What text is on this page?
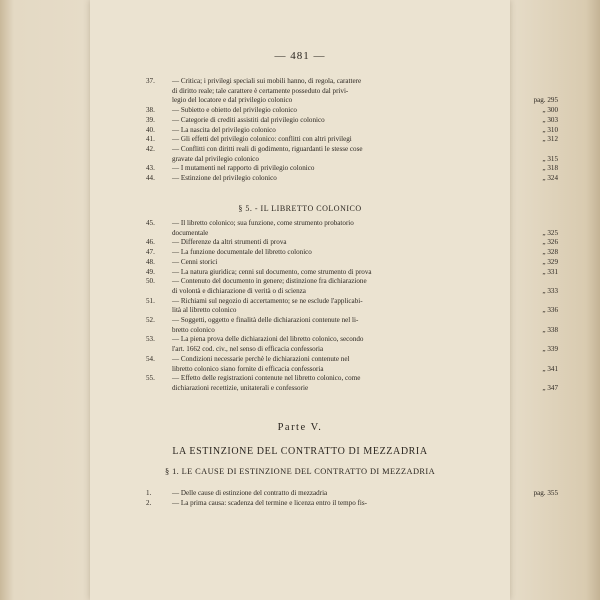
— 481 —
37.	— Critica; i privilegi speciali sui mobili hanno, di regola, carattere
di diritto reale; tale carattere è certamente posseduto dal privi-
legio del locatore e dal privilegio colonico	pag. 295
38.	— Subietto e obietto del privilegio colonico	„ 300
39.	— Categorie di crediti assistiti dal privilegio colonico	„ 303
40.	— La nascita del privilegio colonico	„ 310
41.	— Gli effetti del privilegio colonico: conflitti con altri privilegi	„ 312
42.	— Conflitti con diritti reali di godimento, riguardanti le stesse cose
gravate dal privilegio colonico	„ 315
43.	— I mutamenti nel rapporto di privilegio colonico	„ 318
44.	— Estinzione del privilegio colonico	„ 324
§ 5. - IL LIBRETTO COLONICO
45.	— Il libretto colonico; sua funzione, come strumento probatorio
documentale	„ 325
46.	— Differenze da altri strumenti di prova	„ 326
47.	— La funzione documentale del libretto colonico	„ 328
48.	— Cenni storici	„ 329
49.	— La natura giuridica; cenni sul documento, come strumento di prova	„ 331
50.	— Contenuto del documento in genere; distinzione fra dichiarazione
di volontà e dichiarazione di verità o di scienza	„ 333
51.	— Richiami sul negozio di accertamento; se ne esclude l'applicabi-
lità al libretto colonico	„ 336
52.	— Soggetti, oggetto e finalità delle dichiarazioni contenute nel li-
bretto colonico	„ 338
53.	— La piena prova delle dichiarazioni del libretto colonico, secondo
l'art. 1662 cod. civ., nel senso di efficacia confessoria	„ 339
54.	— Condizioni necessarie perchè le dichiarazioni contenute nel
libretto colonico siano fornite di efficacia confessoria	„ 341
55.	— Effetto delle registrazioni contenute nel libretto colonico, come
dichiarazioni recettizie, unitaterali e confessorie	„ 347
Parte V.
LA ESTINZIONE DEL CONTRATTO DI MEZZADRIA
§ 1. LE CAUSE DI ESTINZIONE DEL CONTRATTO DI MEZZADRIA
1.	— Delle cause di estinzione del contratto di mezzadria	pag. 355
2.	— La prima causa: scadenza del termine e licenza entro il tempo fis-
